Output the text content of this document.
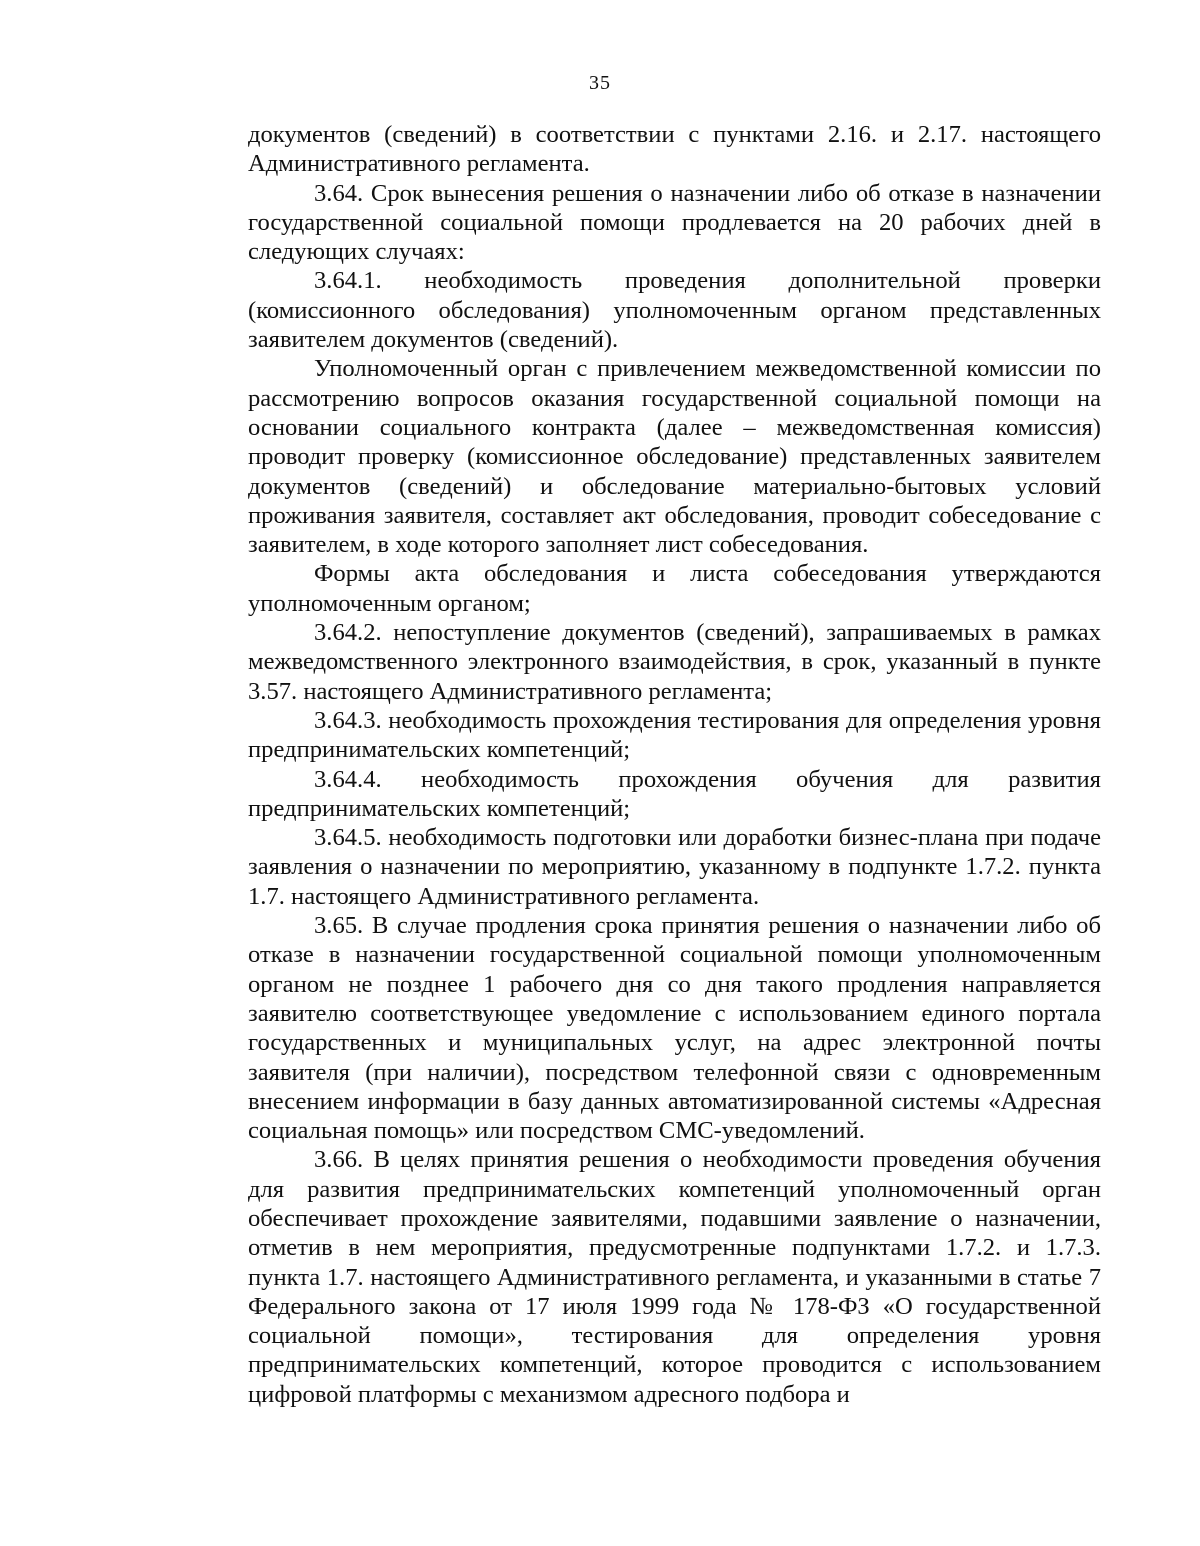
35

документов (сведений) в соответствии с пунктами 2.16. и 2.17. настоящего Административного регламента.

3.64. Срок вынесения решения о назначении либо об отказе в назначении государственной социальной помощи продлевается на 20 рабочих дней в следующих случаях:

3.64.1. необходимость проведения дополнительной проверки (комиссионного обследования) уполномоченным органом представленных заявителем документов (сведений).

Уполномоченный орган с привлечением межведомственной комиссии по рассмотрению вопросов оказания государственной социальной помощи на основании социального контракта (далее – межведомственная комиссия) проводит проверку (комиссионное обследование) представленных заявителем документов (сведений) и обследование материально-бытовых условий проживания заявителя, составляет акт обследования, проводит собеседование с заявителем, в ходе которого заполняет лист собеседования.

Формы акта обследования и листа собеседования утверждаются уполномоченным органом;

3.64.2. непоступление документов (сведений), запрашиваемых в рамках межведомственного электронного взаимодействия, в срок, указанный в пункте 3.57. настоящего Административного регламента;

3.64.3. необходимость прохождения тестирования для определения уровня предпринимательских компетенций;

3.64.4. необходимость прохождения обучения для развития предпринимательских компетенций;

3.64.5. необходимость подготовки или доработки бизнес-плана при подаче заявления о назначении по мероприятию, указанному в подпункте 1.7.2. пункта 1.7. настоящего Административного регламента.

3.65. В случае продления срока принятия решения о назначении либо об отказе в назначении государственной социальной помощи уполномоченным органом не позднее 1 рабочего дня со дня такого продления направляется заявителю соответствующее уведомление с использованием единого портала государственных и муниципальных услуг, на адрес электронной почты заявителя (при наличии), посредством телефонной связи с одновременным внесением информации в базу данных автоматизированной системы «Адресная социальная помощь» или посредством СМС-уведомлений.

3.66. В целях принятия решения о необходимости проведения обучения для развития предпринимательских компетенций уполномоченный орган обеспечивает прохождение заявителями, подавшими заявление о назначении, отметив в нем мероприятия, предусмотренные подпунктами 1.7.2. и 1.7.3. пункта 1.7. настоящего Административного регламента, и указанными в статье 7 Федерального закона от 17 июля 1999 года № 178-ФЗ «О государственной социальной помощи», тестирования для определения уровня предпринимательских компетенций, которое проводится с использованием цифровой платформы с механизмом адресного подбора и
